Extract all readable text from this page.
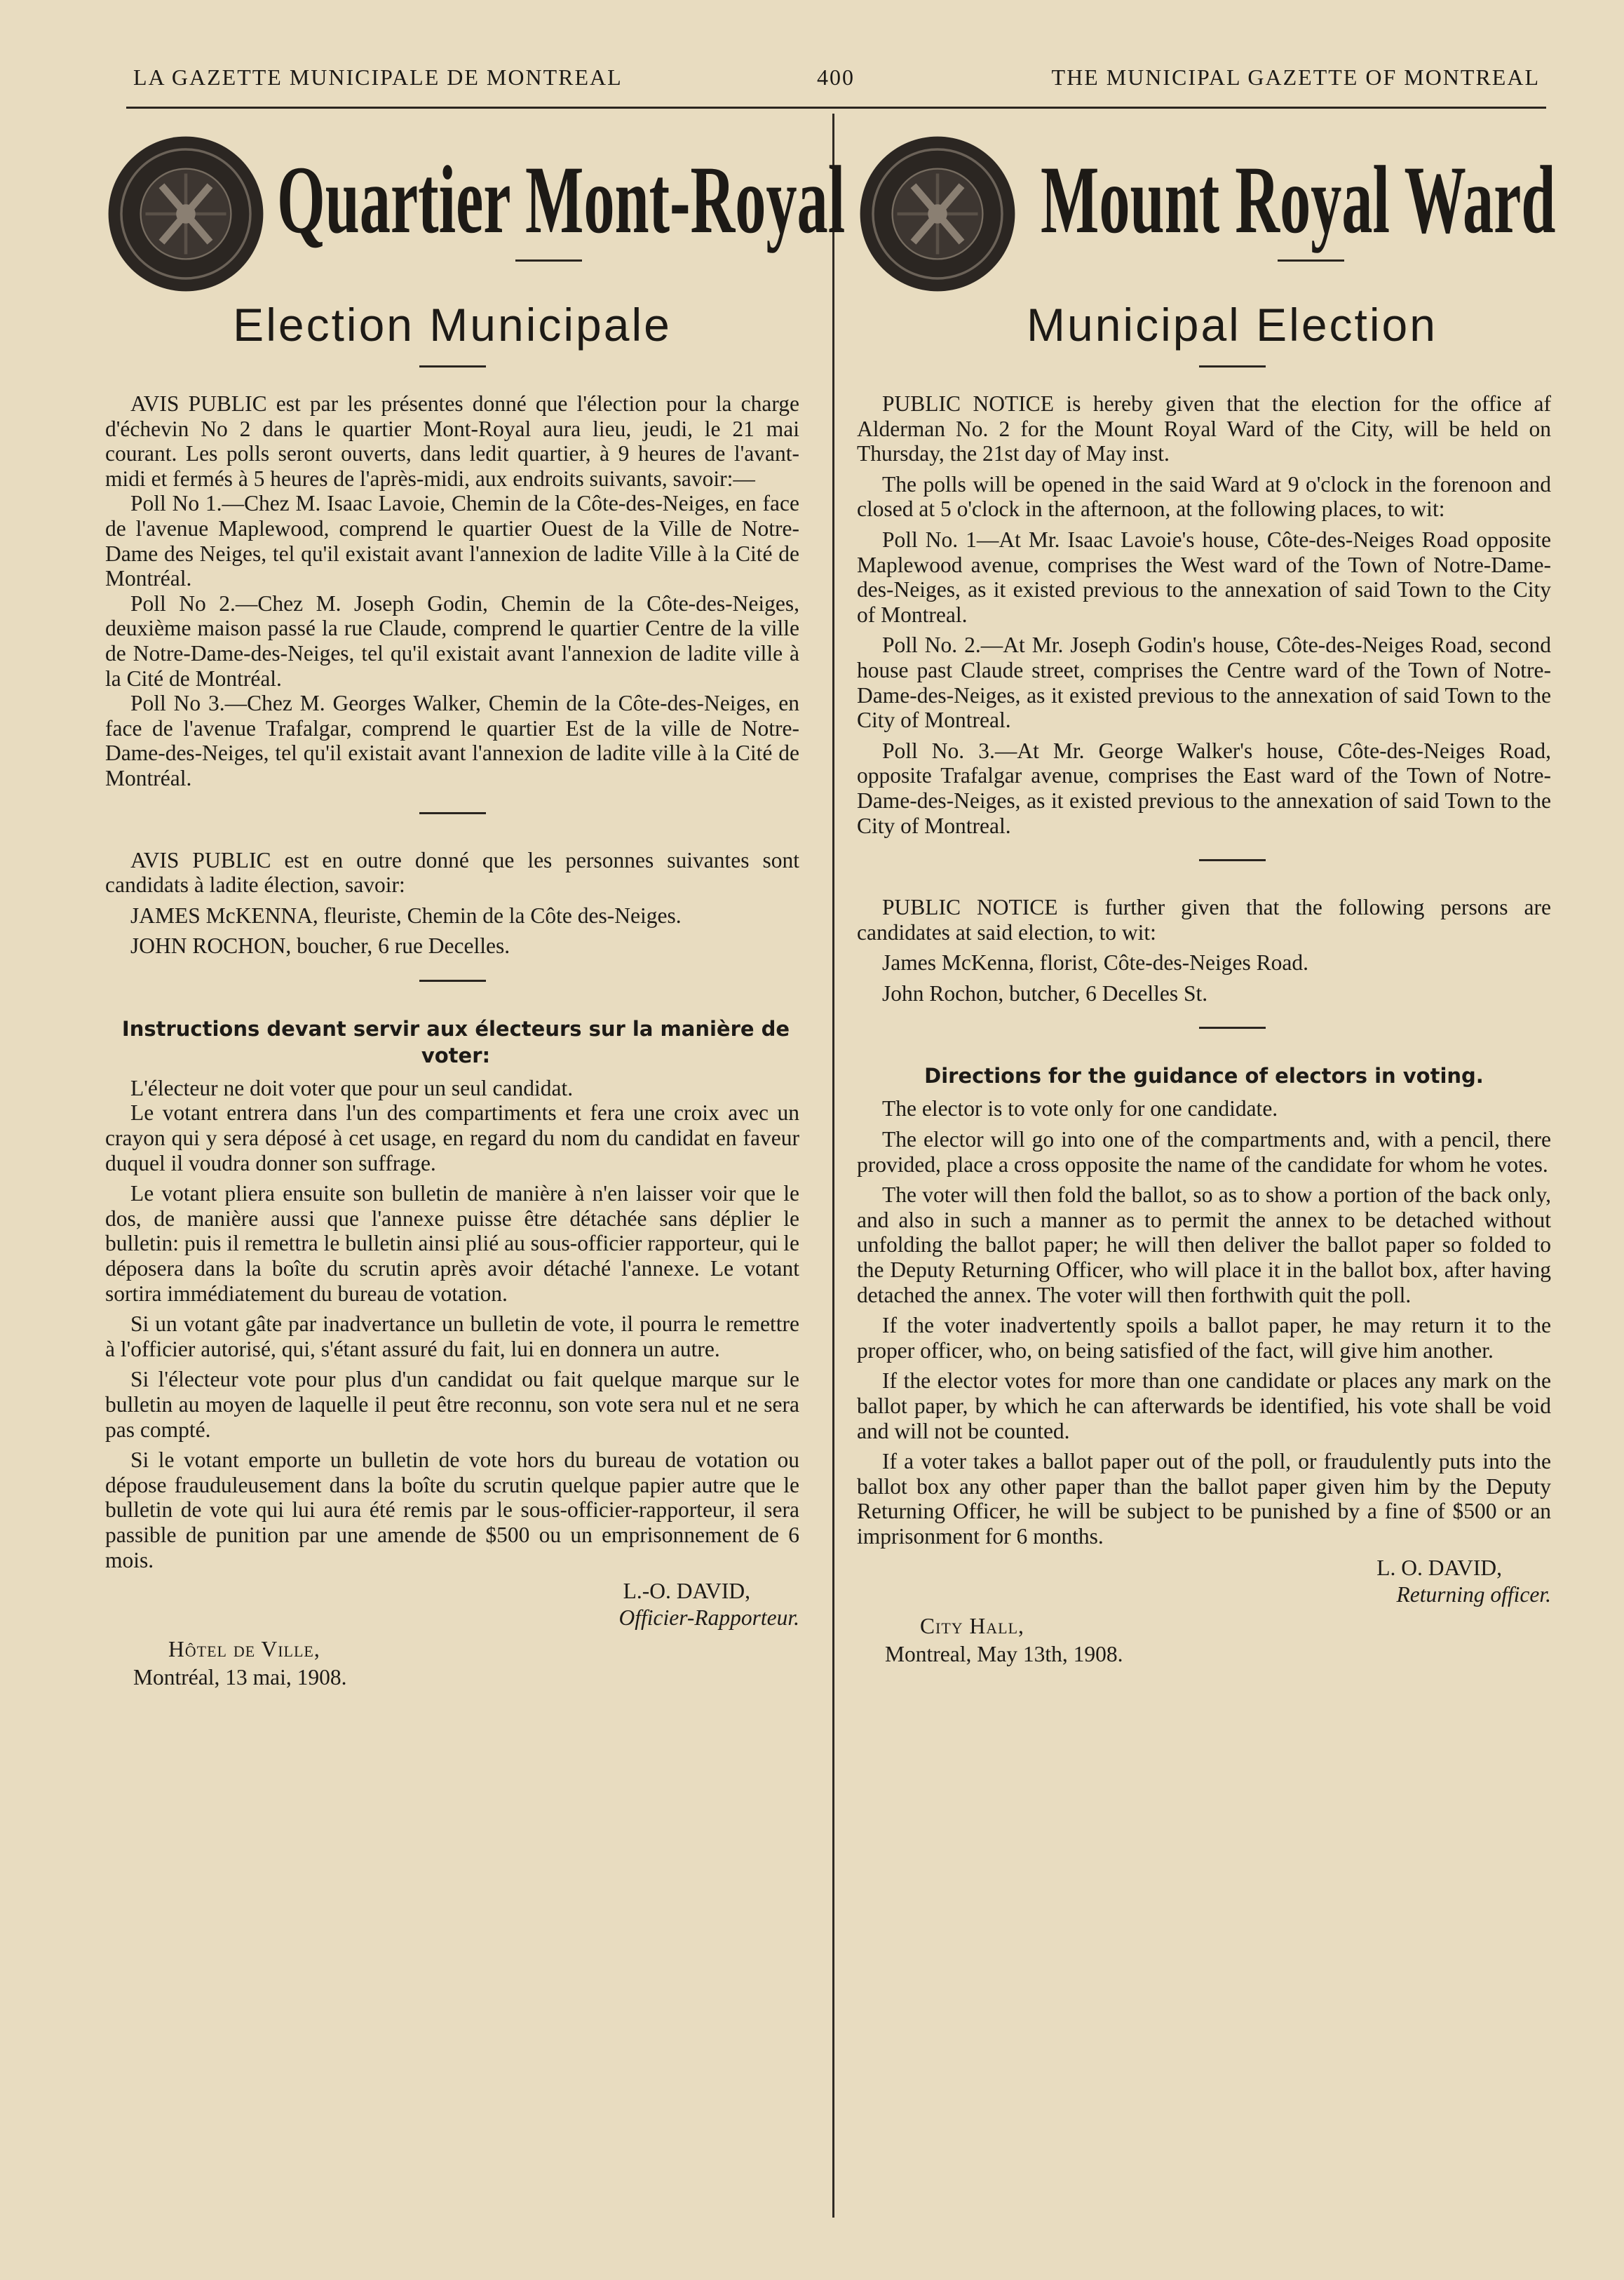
LA GAZETTE MUNICIPALE DE MONTREAL	400	THE MUNICIPAL GAZETTE OF MONTREAL
Quartier Mont-Royal
Election Municipale

AVIS PUBLIC est par les présentes donné que l'élection pour la charge d'échevin No 2 dans le quartier Mont-Royal aura lieu, jeudi, le 21 mai courant. Les polls seront ouverts, dans ledit quartier, à 9 heures de l'avant-midi et fermés à 5 heures de l'après-midi, aux endroits suivants, savoir:—

Poll No 1.—Chez M. Isaac Lavoie, Chemin de la Côte-des-Neiges, en face de l'avenue Maplewood, comprend le quartier Ouest de la Ville de Notre-Dame des Neiges, tel qu'il existait avant l'annexion de ladite Ville à la Cité de Montréal.

Poll No 2.—Chez M. Joseph Godin, Chemin de la Côte-des-Neiges, deuxième maison passé la rue Claude, comprend le quartier Centre de la ville de Notre-Dame-des-Neiges, tel qu'il existait avant l'annexion de ladite ville à la Cité de Montréal.

Poll No 3.—Chez M. Georges Walker, Chemin de la Côte-des-Neiges, en face de l'avenue Trafalgar, comprend le quartier Est de la ville de Notre-Dame-des-Neiges, tel qu'il existait avant l'annexion de ladite ville à la Cité de Montréal.

AVIS PUBLIC est en outre donné que les personnes suivantes sont candidats à ladite élection, savoir:

JAMES McKENNA, fleuriste, Chemin de la Côte des-Neiges.

JOHN ROCHON, boucher, 6 rue Decelles.

Instructions devant servir aux électeurs sur la manière de voter:

L'électeur ne doit voter que pour un seul candidat.

Le votant entrera dans l'un des compartiments et fera une croix avec un crayon qui y sera déposé à cet usage, en regard du nom du candidat en faveur duquel il voudra donner son suffrage.

Le votant pliera ensuite son bulletin de manière à n'en laisser voir que le dos, de manière aussi que l'annexe puisse être détachée sans déplier le bulletin: puis il remettra le bulletin ainsi plié au sous-officier rapporteur, qui le déposera dans la boîte du scrutin après avoir détaché l'annexe. Le votant sortira immédiatement du bureau de votation.

Si un votant gâte par inadvertance un bulletin de vote, il pourra le remettre à l'officier autorisé, qui, s'étant assuré du fait, lui en donnera un autre.

Si l'électeur vote pour plus d'un candidat ou fait quelque marque sur le bulletin au moyen de laquelle il peut être reconnu, son vote sera nul et ne sera pas compté.

Si le votant emporte un bulletin de vote hors du bureau de votation ou dépose frauduleusement dans la boîte du scrutin quelque papier autre que le bulletin de vote qui lui aura été remis par le sous-officier-rapporteur, il sera passible de punition par une amende de $500 ou un emprisonnement de 6 mois.

L.-O. DAVID,
Officier-Rapporteur.
Hôtel de Ville,
Montréal, 13 mai, 1908.
Mount Royal Ward
Municipal Election

PUBLIC NOTICE is hereby given that the election for the office af Alderman No. 2 for the Mount Royal Ward of the City, will be held on Thursday, the 21st day of May inst.

The polls will be opened in the said Ward at 9 o'clock in the forenoon and closed at 5 o'clock in the afternoon, at the following places, to wit:

Poll No. 1—At Mr. Isaac Lavoie's house, Côte-des-Neiges Road opposite Maplewood avenue, comprises the West ward of the Town of Notre-Dame-des-Neiges, as it existed previous to the annexation of said Town to the City of Montreal.

Poll No. 2.—At Mr. Joseph Godin's house, Côte-des-Neiges Road, second house past Claude street, comprises the Centre ward of the Town of Notre-Dame-des-Neiges, as it existed previous to the annexation of said Town to the City of Montreal.

Poll No. 3.—At Mr. George Walker's house, Côte-des-Neiges Road, opposite Trafalgar avenue, comprises the East ward of the Town of Notre-Dame-des-Neiges, as it existed previous to the annexation of said Town to the City of Montreal.

PUBLIC NOTICE is further given that the following persons are candidates at said election, to wit:

James McKenna, florist, Côte-des-Neiges Road.

John Rochon, butcher, 6 Decelles St.

Directions for the guidance of electors in voting.

The elector is to vote only for one candidate.

The elector will go into one of the compartments and, with a pencil, there provided, place a cross opposite the name of the candidate for whom he votes.

The voter will then fold the ballot, so as to show a portion of the back only, and also in such a manner as to permit the annex to be detached without unfolding the ballot paper; he will then deliver the ballot paper so folded to the Deputy Returning Officer, who will place it in the ballot box, after having detached the annex. The voter will then forthwith quit the poll.

If the voter inadvertently spoils a ballot paper, he may return it to the proper officer, who, on being satisfied of the fact, will give him another.

If the elector votes for more than one candidate or places any mark on the ballot paper, by which he can afterwards be identified, his vote shall be void and will not be counted.

If a voter takes a ballot paper out of the poll, or fraudulently puts into the ballot box any other paper than the ballot paper given him by the Deputy Returning Officer, he will be subject to be punished by a fine of $500 or an imprisonment for 6 months.

L. O. DAVID,
Returning officer.
City Hall,
Montreal, May 13th, 1908.
